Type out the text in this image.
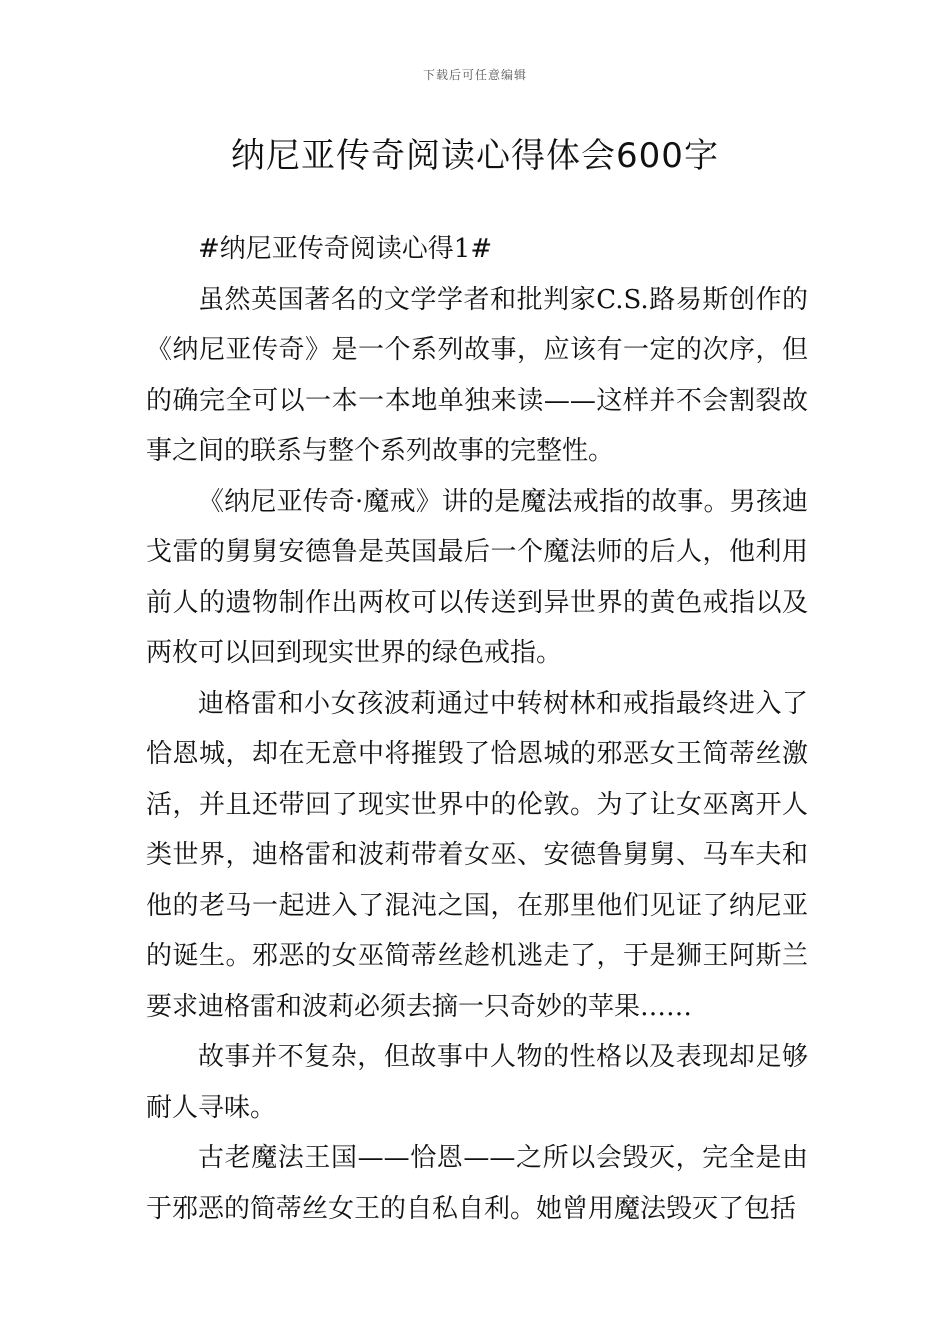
下载后可任意编辑
纳尼亚传奇阅读心得体会600字

#纳尼亚传奇阅读心得1#

虽然英国著名的文学学者和批判家C.S.路易斯创作的《纳尼亚传奇》是一个系列故事，应该有一定的次序，但的确完全可以一本一本地单独来读——这样并不会割裂故事之间的联系与整个系列故事的完整性。

《纳尼亚传奇·魔戒》讲的是魔法戒指的故事。男孩迪戈雷的舅舅安德鲁是英国最后一个魔法师的后人，他利用前人的遗物制作出两枚可以传送到异世界的黄色戒指以及两枚可以回到现实世界的绿色戒指。

迪格雷和小女孩波莉通过中转树林和戒指最终进入了恰恩城，却在无意中将摧毁了恰恩城的邪恶女王简蒂丝激活，并且还带回了现实世界中的伦敦。为了让女巫离开人类世界，迪格雷和波莉带着女巫、安德鲁舅舅、马车夫和他的老马一起进入了混沌之国，在那里他们见证了纳尼亚的诞生。邪恶的女巫简蒂丝趁机逃走了，于是狮王阿斯兰要求迪格雷和波莉必须去摘一只奇妙的苹果……

故事并不复杂，但故事中人物的性格以及表现却足够耐人寻味。

古老魔法王国——恰恩——之所以会毁灭，完全是由于邪恶的简蒂丝女王的自私自利。她曾用魔法毁灭了包括
